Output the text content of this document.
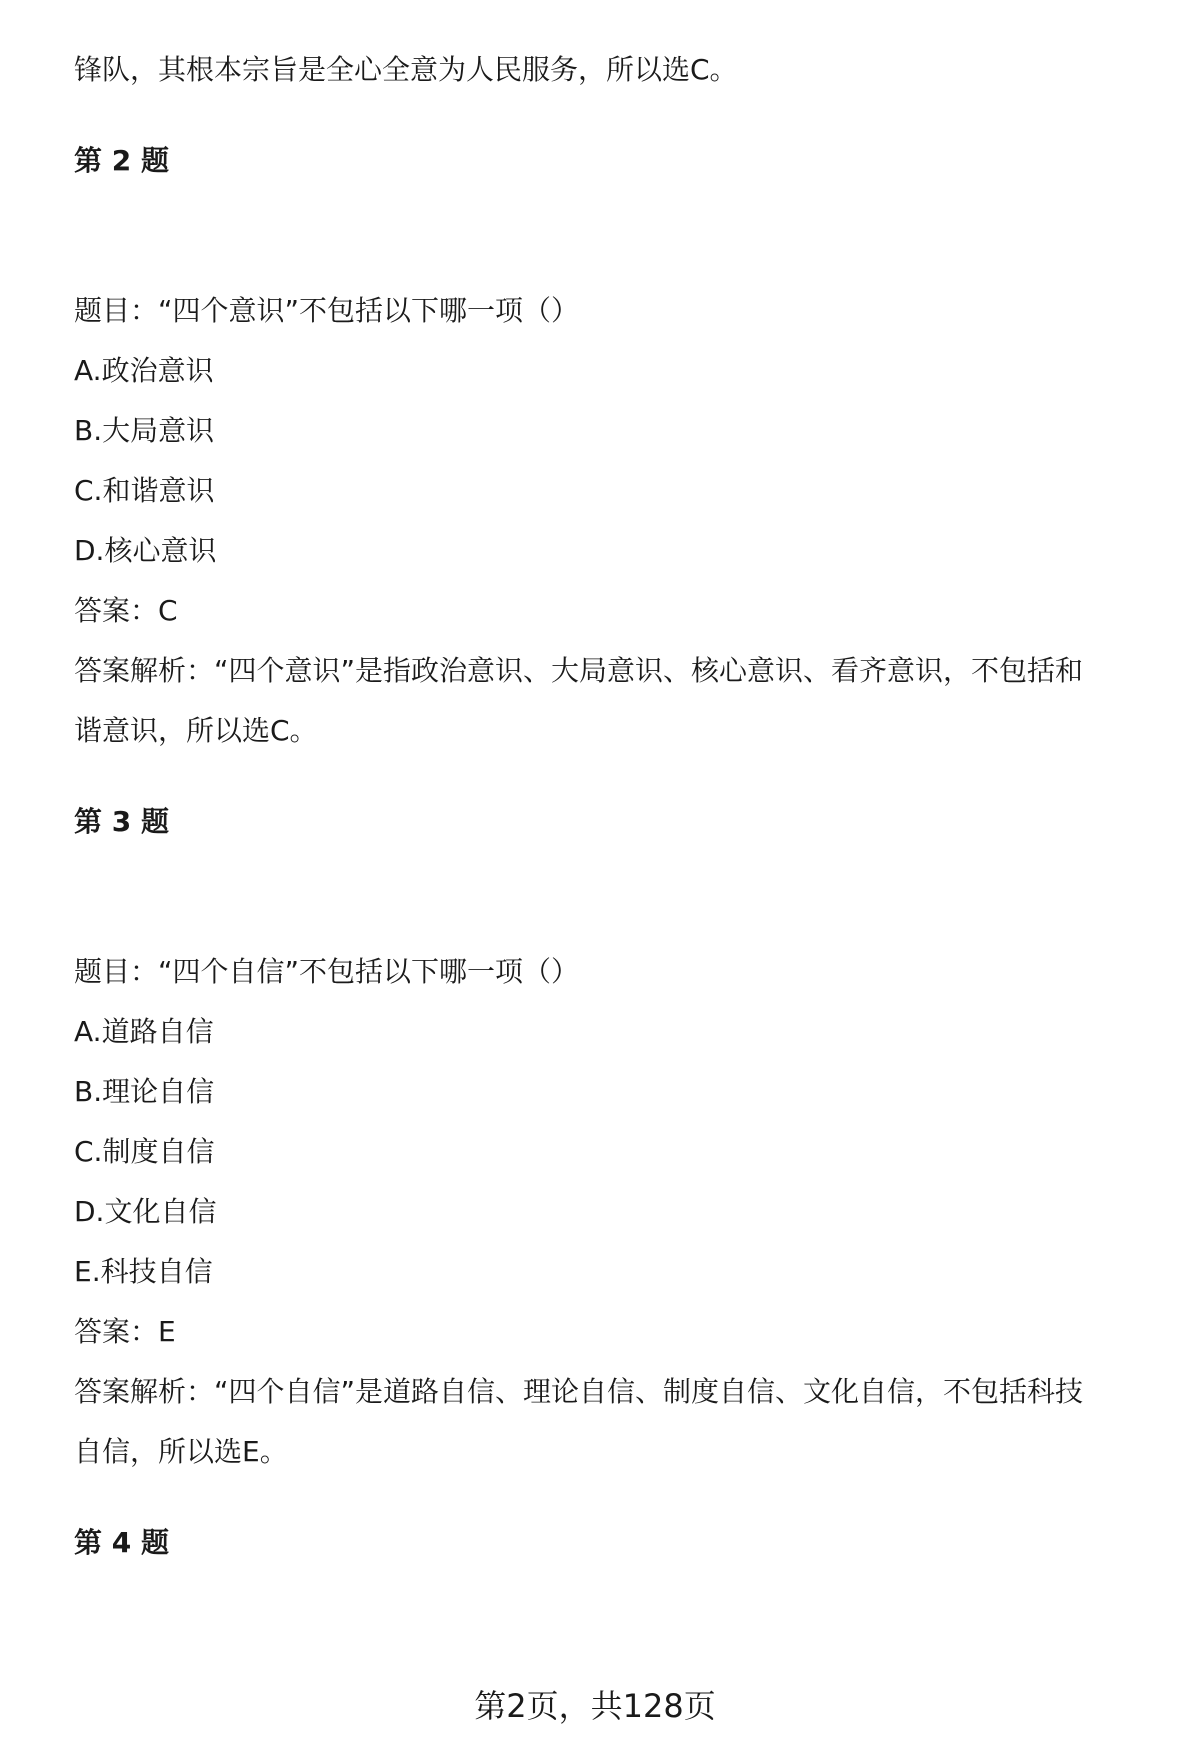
锋队，其根本宗旨是全心全意为人民服务，所以选C。
第 2 题
题目：“四个意识”不包括以下哪一项（）
A.政治意识
B.大局意识
C.和谐意识
D.核心意识
答案：C
答案解析：“四个意识”是指政治意识、大局意识、核心意识、看齐意识，不包括和
谐意识，所以选C。
第 3 题
题目：“四个自信”不包括以下哪一项（）
A.道路自信
B.理论自信
C.制度自信
D.文化自信
E.科技自信
答案：E
答案解析：“四个自信”是道路自信、理论自信、制度自信、文化自信，不包括科技
自信，所以选E。
第 4 题
第2页，共128页
